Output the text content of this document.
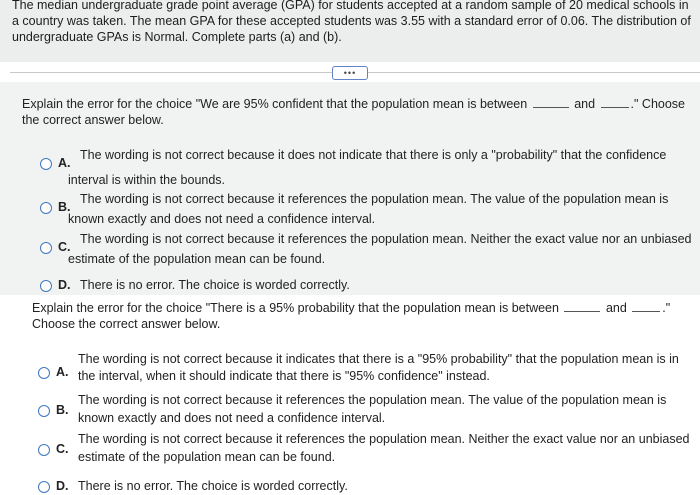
The median undergraduate grade point average (GPA) for students accepted at a random sample of 20 medical schools in a country was taken. The mean GPA for these accepted students was 3.55 with a standard error of 0.06. The distribution of undergraduate GPAs is Normal. Complete parts (a) and (b).
•••
Explain the error for the choice "We are 95% confident that the population mean is between	and	." Choose
the correct answer below.
A.
The wording is not correct because it does not indicate that there is only a "probability" that the confidence
interval is within the bounds.
B.
The wording is not correct because it references the population mean. The value of the population mean is
known exactly and does not need a confidence interval.
C.
The wording is not correct because it references the population mean. Neither the exact value nor an unbiased
estimate of the population mean can be found.
D. There is no error. The choice is worded correctly.
Explain the error for the choice "There is a 95% probability that the population mean is between	and	."
Choose the correct answer below.
A.
The wording is not correct because it indicates that there is a "95% probability" that the population mean is in
the interval, when it should indicate that there is "95% confidence" instead.
B.
The wording is not correct because it references the population mean. The value of the population mean is
known exactly and does not need a confidence interval.
C.
The wording is not correct because it references the population mean. Neither the exact value nor an unbiased
estimate of the population mean can be found.
D. There is no error. The choice is worded correctly.
